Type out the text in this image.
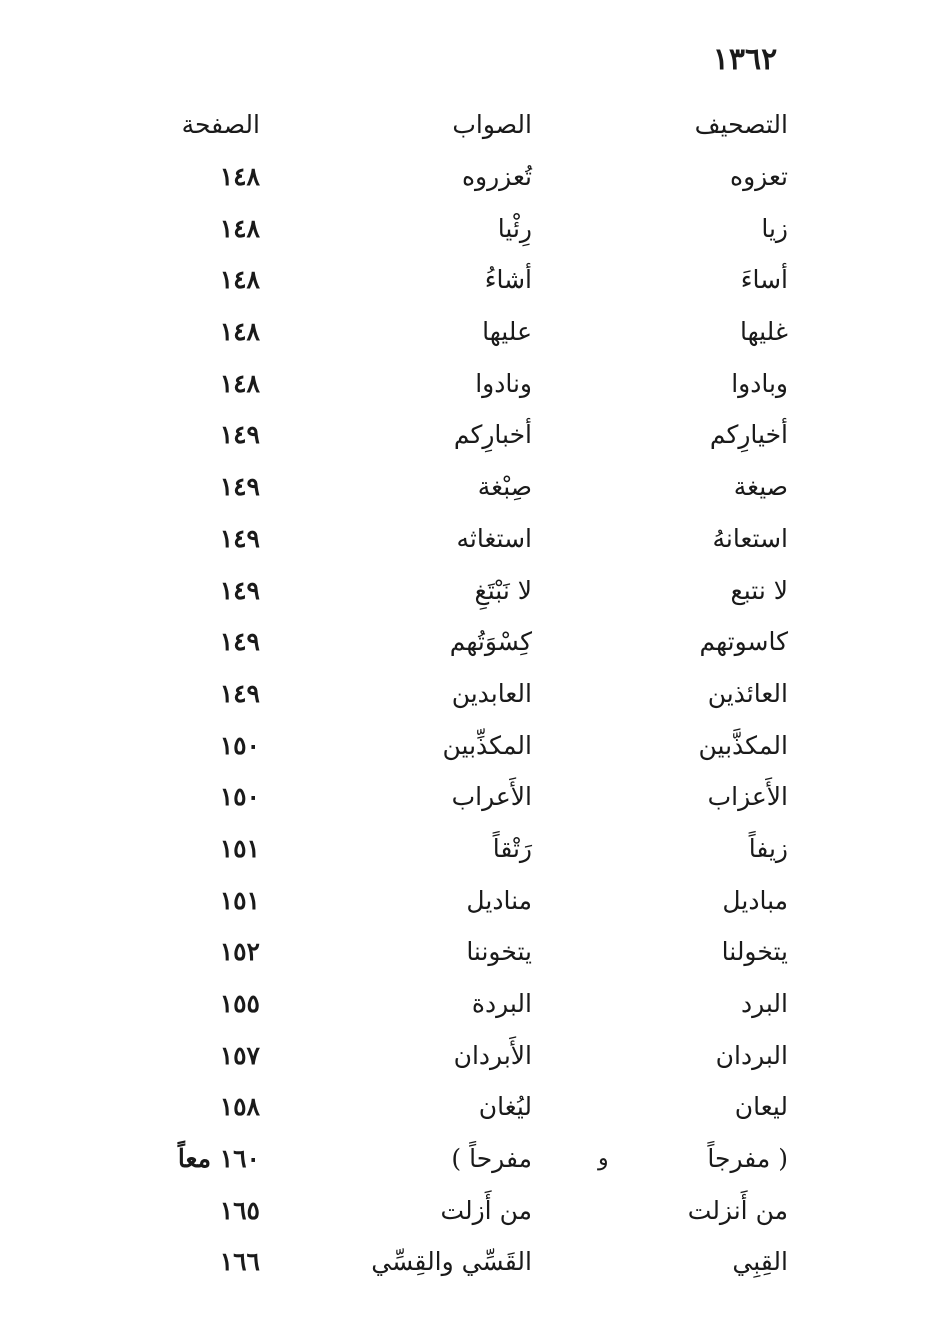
١٣٦٢
التصحيف
الصواب
الصفحة
تعزوه
تُعزروه
١٤٨
زيا
رِئْيا
١٤٨
أساءَ
أشاءُ
١٤٨
غليها
عليها
١٤٨
وبادوا
ونادوا
١٤٨
أخيارِكم
أخبارِكم
١٤٩
صيغة
صِبْغة
١٤٩
استعانهُ
استغاثه
١٤٩
لا نتبع
لا نَبْتَغِ
١٤٩
كاسوتهم
كِسْوَتُهم
١٤٩
العائذين
العابدين
١٤٩
المكذَّبين
المكذِّبين
١٥٠
الأَعزاب
الأَعراب
١٥٠
زيفاً
رَتْقاً
١٥١
مباديل
مناديل
١٥١
يتخولنا
يتخوننا
١٥٢
البرد
البردة
١٥٥
البردان
الأَبردان
١٥٧
ليعان
ليُغان
١٥٨
( مفرجاً
و
مفرحاً )
١٦٠ معاً
من أَنزلت
من أَزلت
١٦٥
القِبِي
القَسِّي والقِسِّي
١٦٦
